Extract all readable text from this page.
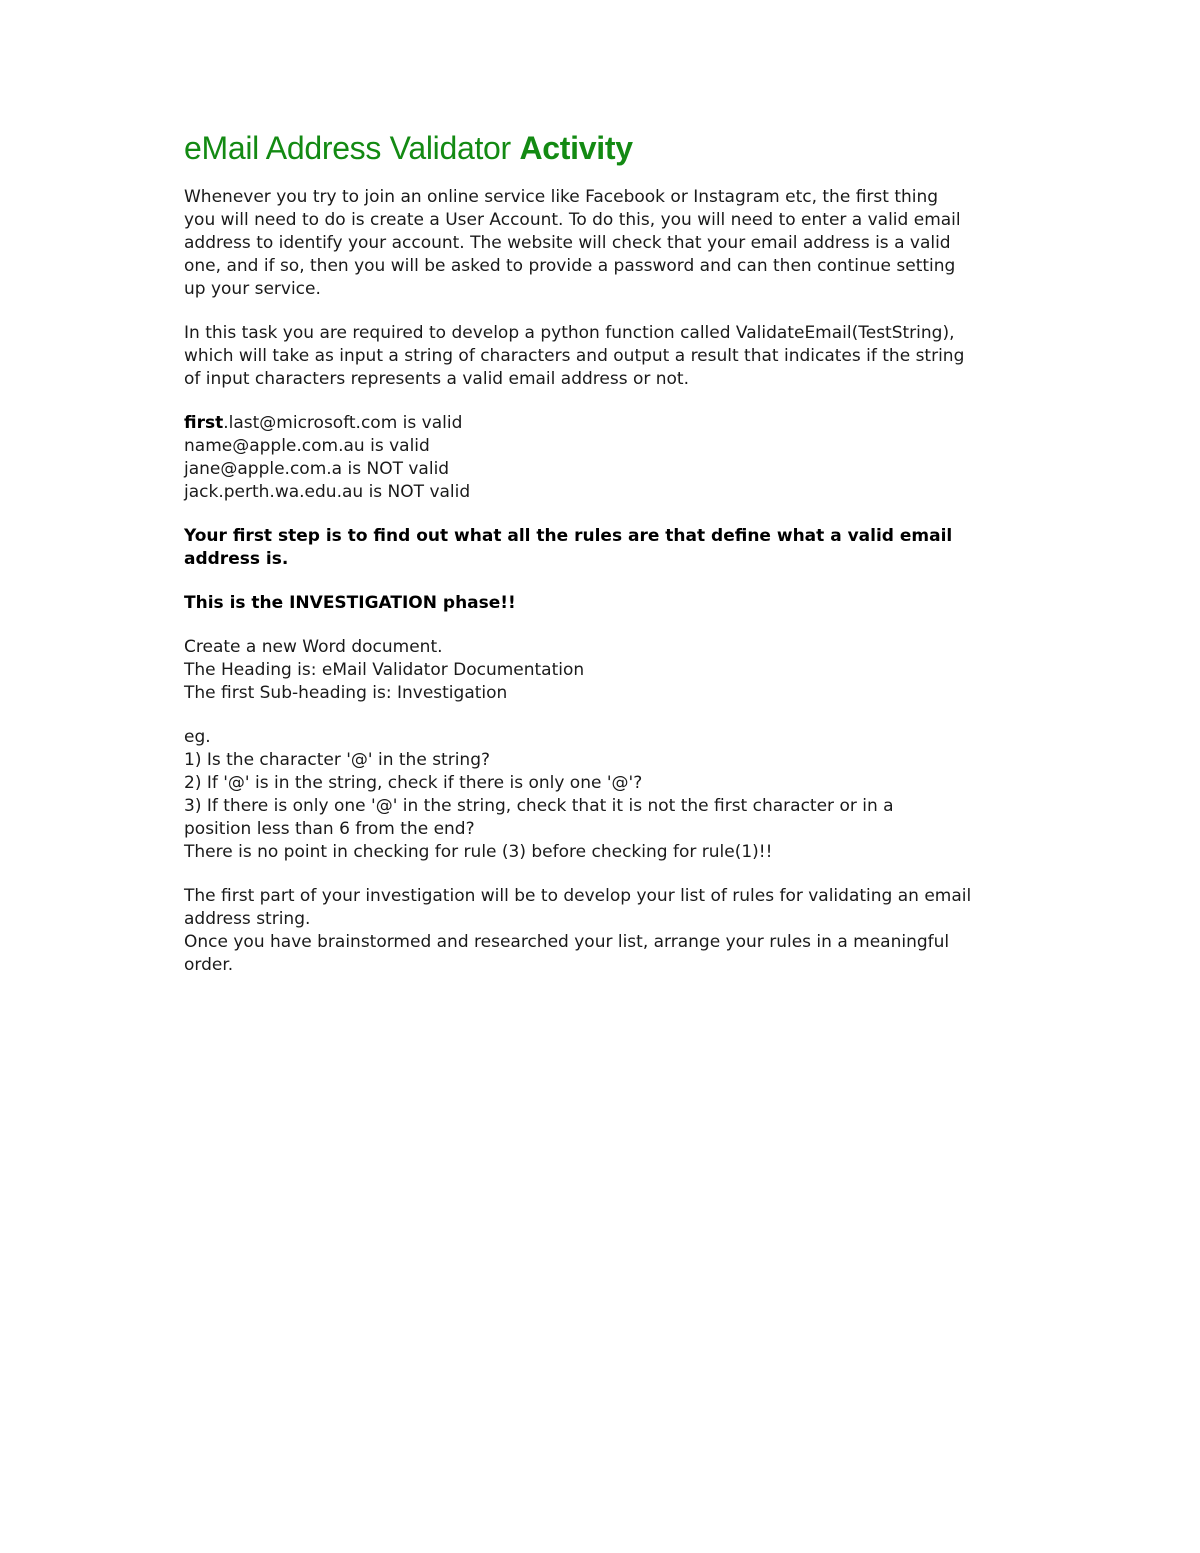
eMail Address Validator Activity

Whenever you try to join an online service like Facebook or Instagram etc, the first thing
you will need to do is create a User Account. To do this, you will need to enter a valid email
address to identify your account. The website will check that your email address is a valid
one, and if so, then you will be asked to provide a password and can then continue setting
up your service.

In this task you are required to develop a python function called ValidateEmail(TestString),
which will take as input a string of characters and output a result that indicates if the string
of input characters represents a valid email address or not.

first.last@microsoft.com is valid
name@apple.com.au is valid
jane@apple.com.a is NOT valid
jack.perth.wa.edu.au is NOT valid

Your first step is to find out what all the rules are that define what a valid email
address is.

This is the INVESTIGATION phase!!

Create a new Word document.
The Heading is: eMail Validator Documentation
The first Sub-heading is: Investigation

eg.
1) Is the character '@' in the string?
2) If '@' is in the string, check if there is only one '@'?
3) If there is only one '@' in the string, check that it is not the first character or in a
position less than 6 from the end?
There is no point in checking for rule (3) before checking for rule(1)!!

The first part of your investigation will be to develop your list of rules for validating an email
address string.
Once you have brainstormed and researched your list, arrange your rules in a meaningful
order.
